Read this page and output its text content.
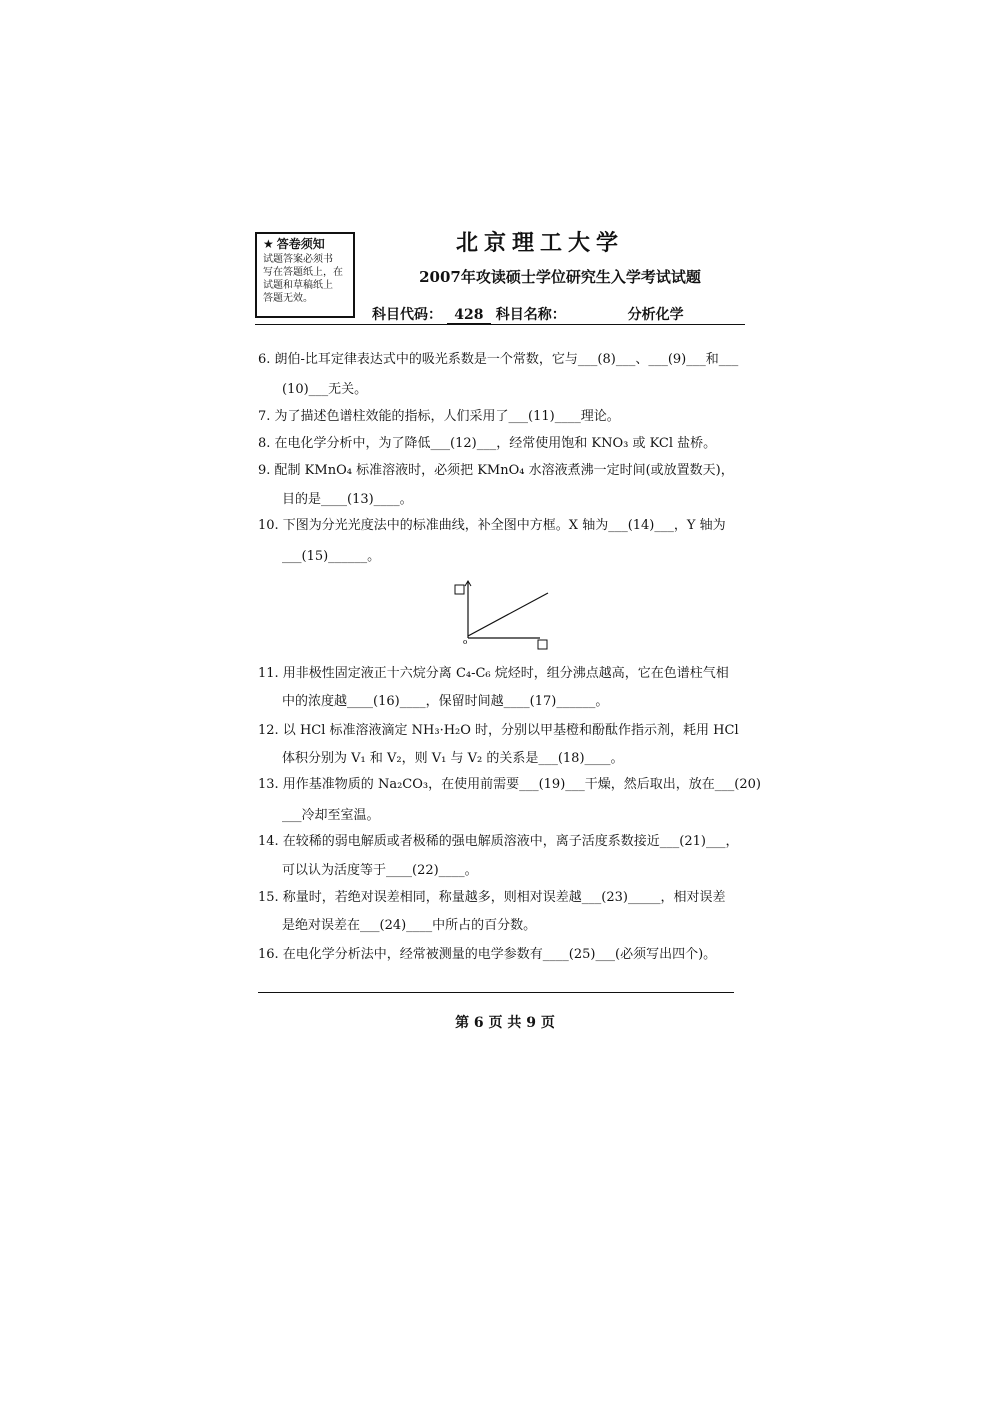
★ 答卷须知
试题答案必须书
写在答题纸上，在
试题和草稿纸上
答题无效。
北京理工大学
2007年攻读硕士学位研究生入学考试试题
科目代码： 428 科目名称：	分析化学
6. 朗伯-比耳定律表达式中的吸光系数是一个常数，它与___(8)___、___(9)___和___
(10)___无关。
7. 为了描述色谱柱效能的指标，人们采用了___(11)____理论。
8. 在电化学分析中，为了降低___(12)___，经常使用饱和 KNO₃ 或 KCl 盐桥。
9. 配制 KMnO₄ 标准溶液时，必须把 KMnO₄ 水溶液煮沸一定时间(或放置数天)，
目的是____(13)____。
10. 下图为分光光度法中的标准曲线，补全图中方框。X 轴为___(14)___，Y 轴为
___(15)______。
o
11. 用非极性固定液正十六烷分离 C₄-C₆ 烷烃时，组分沸点越高，它在色谱柱气相
中的浓度越____(16)____，保留时间越____(17)______。
12. 以 HCl 标准溶液滴定 NH₃·H₂O 时，分别以甲基橙和酚酞作指示剂，耗用 HCl
体积分别为 V₁ 和 V₂，则 V₁ 与 V₂ 的关系是___(18)____。
13. 用作基准物质的 Na₂CO₃，在使用前需要___(19)___干燥，然后取出，放在___(20)
___冷却至室温。
14. 在较稀的弱电解质或者极稀的强电解质溶液中，离子活度系数接近___(21)___，
可以认为活度等于____(22)____。
15. 称量时，若绝对误差相同，称量越多，则相对误差越___(23)_____，相对误差
是绝对误差在___(24)____中所占的百分数。
16. 在电化学分析法中，经常被测量的电学参数有____(25)___(必须写出四个)。
第 6 页 共 9 页
